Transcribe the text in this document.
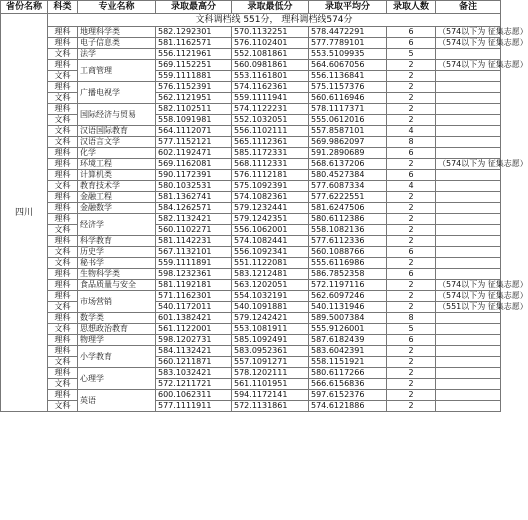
省份名称	科类	专业名称	录取最高分	录取最低分	录取平均分	录取人数	备注
四川	文科调档线 551分， 理科调档线574分						
	理科	地理科学类	582.1292301	570.1132251	578.4472291	6	（574以下为 征集志愿）
	理科	电子信息类	581.1162571	576.1102401	577.7789101	6	（574以下为 征集志愿）
	文科	法学	556.1121961	552.1081861	553.5109935	5	
	理科	工商管理	569.1152251	560.0981861	564.6067056	2	（574以下为 征集志愿）
	文科		559.1111881	553.1161801	556.1136841	2	
	理科	广播电视学	576.1152391	574.1162361	575.1157376	2	
	文科		562.1121951	559.1111941	560.6116946	2	
	理科	国际经济与贸易	582.1102511	574.1122231	578.1117371	2	
	文科		558.1091981	552.1032051	555.0612016	2	
	文科	汉语国际教育	564.1112071	556.1102111	557.8587101	4	
	文科	汉语言文学	577.1152121	565.1112361	569.9862097	8	
	理科	化学	602.1192471	585.1172331	591.2890689	6	
	理科	环境工程	569.1162081	568.1112331	568.6137206	2	（574以下为 征集志愿）
	理科	计算机类	590.1172391	576.1112181	580.4527384	6	
	文科	教育技术学	580.1032531	575.1092391	577.6087334	4	
	理科	金融工程	581.1362741	574.1082361	577.6222551	2	
	理科	金融数学	584.1262571	579.1232441	581.6247506	2	
	理科	经济学	582.1132421	579.1242351	580.6112386	2	
	文科		560.1102271	556.1062001	558.1082136	2	
	理科	科学教育	581.1142231	574.1082441	577.6112336	2	
	文科	历史学	567.1132101	556.1092341	560.1088766	6	
	文科	秘书学	559.1111891	551.1122081	555.6116986	2	
	理科	生物科学类	598.1232361	583.1212481	586.7852358	6	
	理科	食品质量与安全	581.1192181	563.1202051	572.1197116	2	（574以下为 征集志愿）
	理科	市场营销	571.1162301	554.1032191	562.6097246	2	（574以下为 征集志愿）
	文科		540.1172011	540.1091881	540.1131946	2	（551以下为 征集志愿）
	理科	数学类	601.1382421	579.1242421	589.5007384	8	
	文科	思想政治教育	561.1122001	553.1081911	555.9126001	5	
	理科	物理学	598.1202731	585.1092491	587.6182439	6	
	理科	小学教育	584.1132421	583.0952361	583.6042391	2	
	文科		560.1211871	557.1091271	558.1151921	2	
	理科	心理学	583.1032421	578.1202111	580.6117266	2	
	文科		572.1211721	561.1101951	566.6156836	2	
	理科	英语	600.1062311	594.1172141	597.6152376	2	
	文科		577.1111911	572.1131861	574.6121886	2	
